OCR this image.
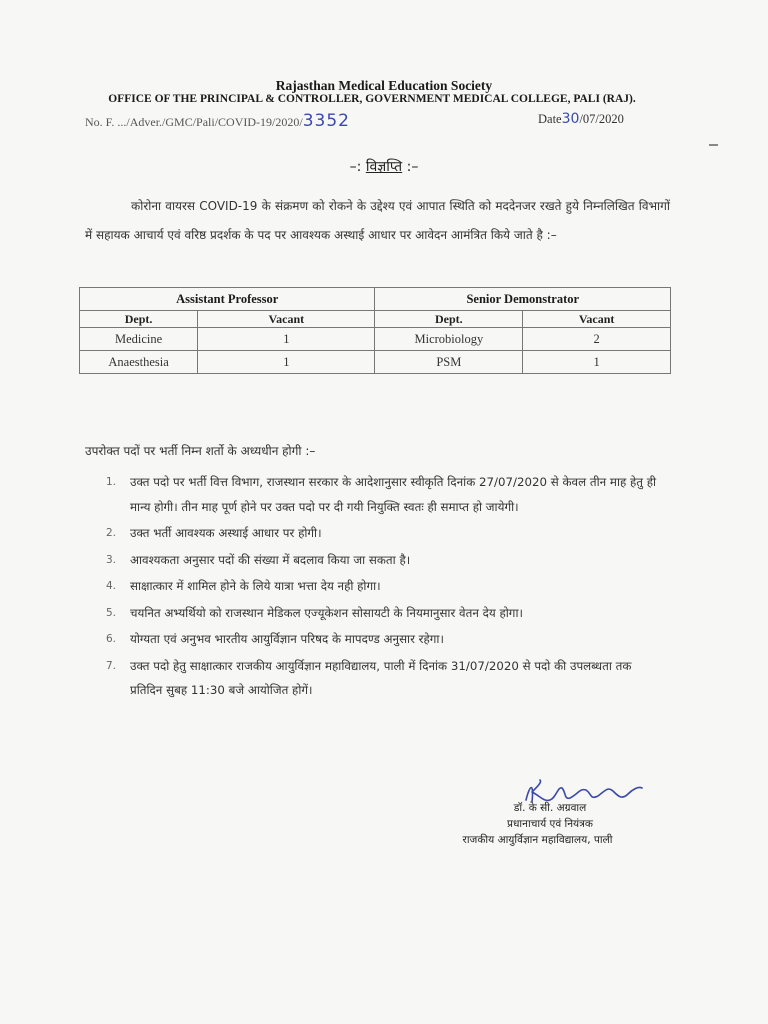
Rajasthan Medical Education Society
OFFICE OF THE PRINCIPAL & CONTROLLER, GOVERNMENT MEDICAL COLLEGE, PALI (RAJ).
No. F. .../Adver./GMC/Pali/COVID-19/2020/3352	Date30/07/2020
–: विज्ञप्ति :–
कोरोना वायरस COVID-19 के संक्रमण को रोकने के उद्देश्य एवं आपात स्थिति को मददेनजर रखते हुये निम्नलिखित विभागों में सहायक आचार्य एवं वरिष्ठ प्रदर्शक के पद पर आवश्यक अस्थाई आधार पर आवेदन आमंत्रित किये जाते है :–
Assistant Professor		Senior Demonstrator	
Dept.	Vacant	Dept.	Vacant
Medicine	1	Microbiology	2
Anaesthesia	1	PSM	1
उपरोक्त पदों पर भर्ती निम्न शर्तो के अध्यधीन होगी :–
1. उक्त पदो पर भर्ती वित्त विभाग, राजस्थान सरकार के आदेशानुसार स्वीकृति दिनांक 27/07/2020 से केवल तीन माह हेतु ही मान्य होगी। तीन माह पूर्ण होने पर उक्त पदो पर दी गयी नियुक्ति स्वतः ही समाप्त हो जायेगी।
2. उक्त भर्ती आवश्यक अस्थाई आधार पर होगी।
3. आवश्यकता अनुसार पदों की संख्या में बदलाव किया जा सकता है।
4. साक्षात्कार में शामिल होने के लिये यात्रा भत्ता देय नही होगा।
5. चयनित अभ्यर्थियो को राजस्थान मेडिकल एज्यूकेशन सोसायटी के नियमानुसार वेतन देय होगा।
6. योग्यता एवं अनुभव भारतीय आयुर्विज्ञान परिषद के मापदण्ड अनुसार रहेगा।
7. उक्त पदो हेतु साक्षात्कार राजकीय आयुर्विज्ञान महाविद्यालय, पाली में दिनांक 31/07/2020 से पदो की उपलब्धता तक प्रतिदिन सुबह 11:30 बजे आयोजित होगें।
डॉ. के सी. अग्रवाल
प्रधानाचार्य एवं नियंत्रक
राजकीय आयुर्विज्ञान महाविद्यालय, पाली
